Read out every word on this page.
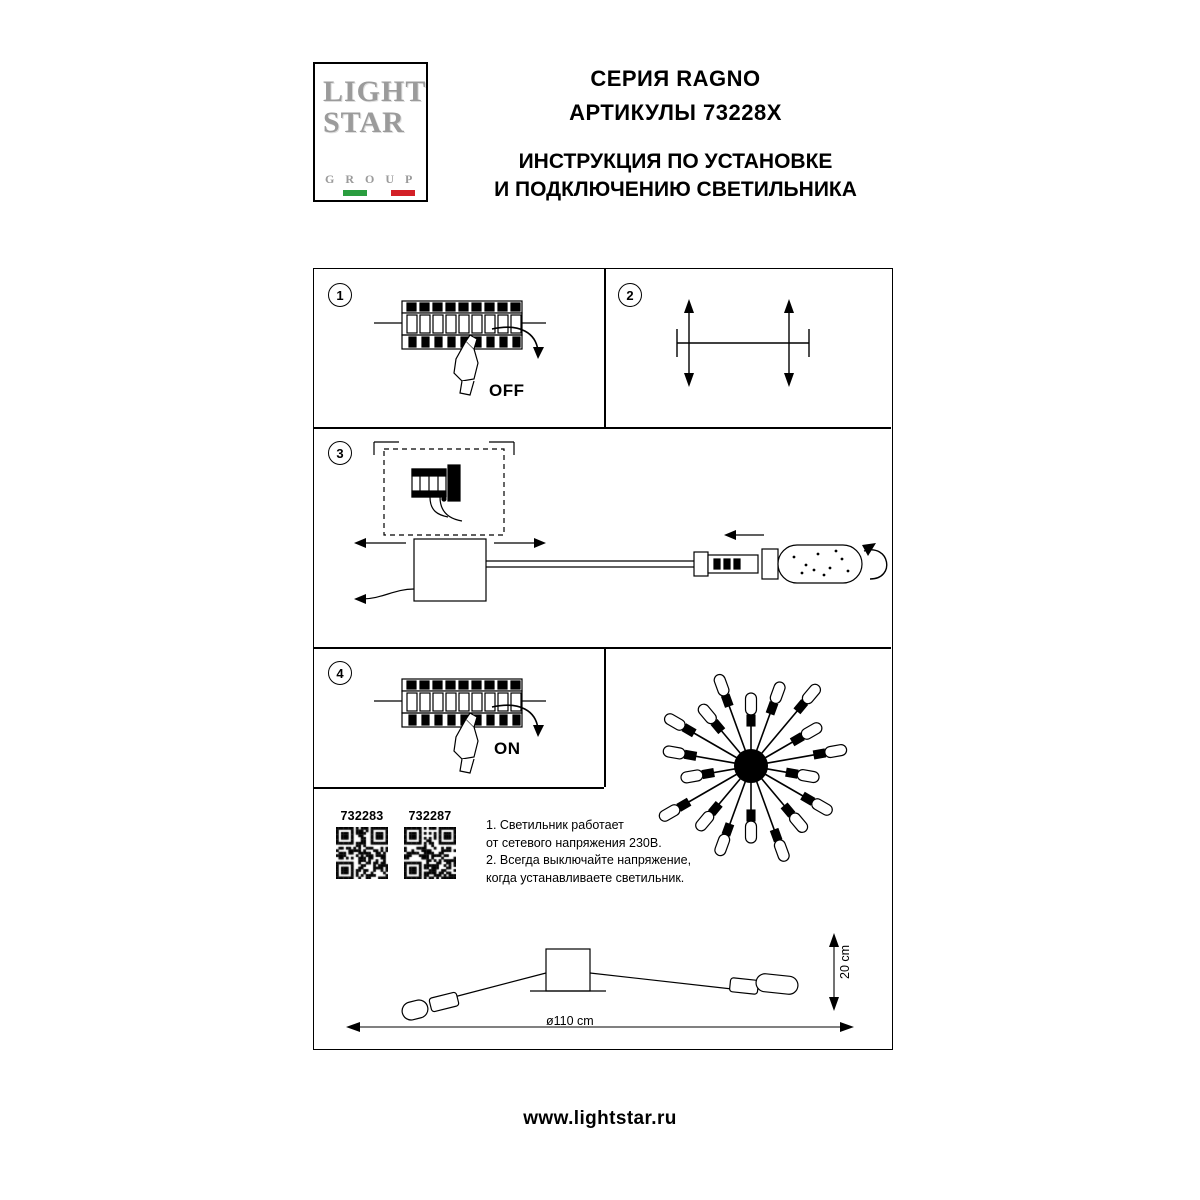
LIGHT
STAR
G R O U P
СЕРИЯ RAGNO
АРТИКУЛЫ 73228X
ИНСТРУКЦИЯ ПО УСТАНОВКЕ
И ПОДКЛЮЧЕНИЮ СВЕТИЛЬНИКА
1
OFF
2
3
4
ON
732283	732287
1. Светильник работает
от сетевого напряжения 230В.
2. Всегда выключайте напряжение,
когда устанавливаете светильник.
ø110 cm
20 cm
www.lightstar.ru
